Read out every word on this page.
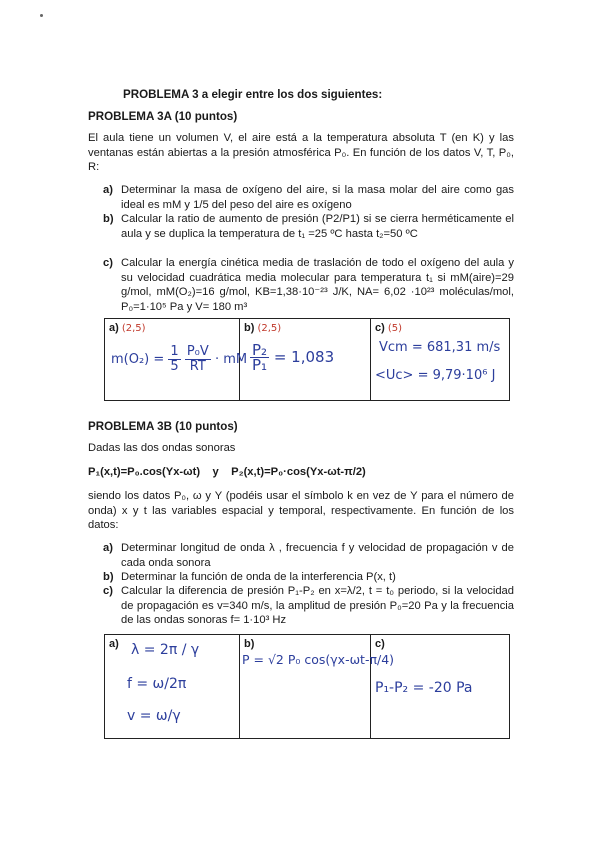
PROBLEMA 3 a elegir entre los dos siguientes:
PROBLEMA 3A (10 puntos)
El aula tiene un volumen V, el aire está a la temperatura absoluta T (en K) y las ventanas están abiertas a la presión atmosférica P₀. En función de los datos V, T, P₀, R:
a) Determinar la masa de oxígeno del aire, si la masa molar del aire como gas ideal es mM y 1/5 del peso del aire es oxígeno
b) Calcular la ratio de aumento de presión (P2/P1) si se cierra herméticamente el aula y se duplica la temperatura de t₁ =25 ºC hasta t₂=50 ºC
c) Calcular la energía cinética media de traslación de todo el oxígeno del aula y su velocidad cuadrática media molecular para temperatura t₁ si mM(aire)=29 g/mol, mM(O₂)=16 g/mol, KB=1,38·10⁻²³ J/K, NA= 6,02 ·10²³ moléculas/mol, P₀=1·10⁵ Pa y V= 180 m³
a) (2,5)
$m(O_2) = \frac{1}{5}$
$\frac{\text{P₀V}}{RT}$ · mM

b) (2,5)
$\frac{\text{P₂}}{\text{P₁}} = 1,083$

c) (5)
Vcm = 681,31 m/s
<Uc> = 9,79·10⁶ J
PROBLEMA 3B (10 puntos)
Dadas las dos ondas sonoras
P₁(x,t)=P₀.cos(Υx-ωt)    y    P₂(x,t)=P₀·cos(Υx-ωt-π/2)
siendo los datos P₀, ω y Υ (podéis usar el símbolo k en vez de Υ para el número de onda) x y t las variables espacial y temporal, respectivamente. En función de los datos:
a) Determinar longitud de onda λ , frecuencia f y velocidad de propagación v de cada onda sonora
b) Determinar la función de onda de la interferencia P(x, t)
c) Calcular la diferencia de presión P₁-P₂ en x=λ/2, t = t₀ periodo, si la velocidad de propagación es v=340 m/s, la amplitud de presión P₀=20 Pa y la frecuencia de las ondas sonoras f= 1·10³ Hz
a) λ = 2π / γ
f = ω/2π
v = ω/γ

b)
P = √2 P₀ cos(γx-ωt-π/4)

c)
P₁-P₂ = -20 Pa
